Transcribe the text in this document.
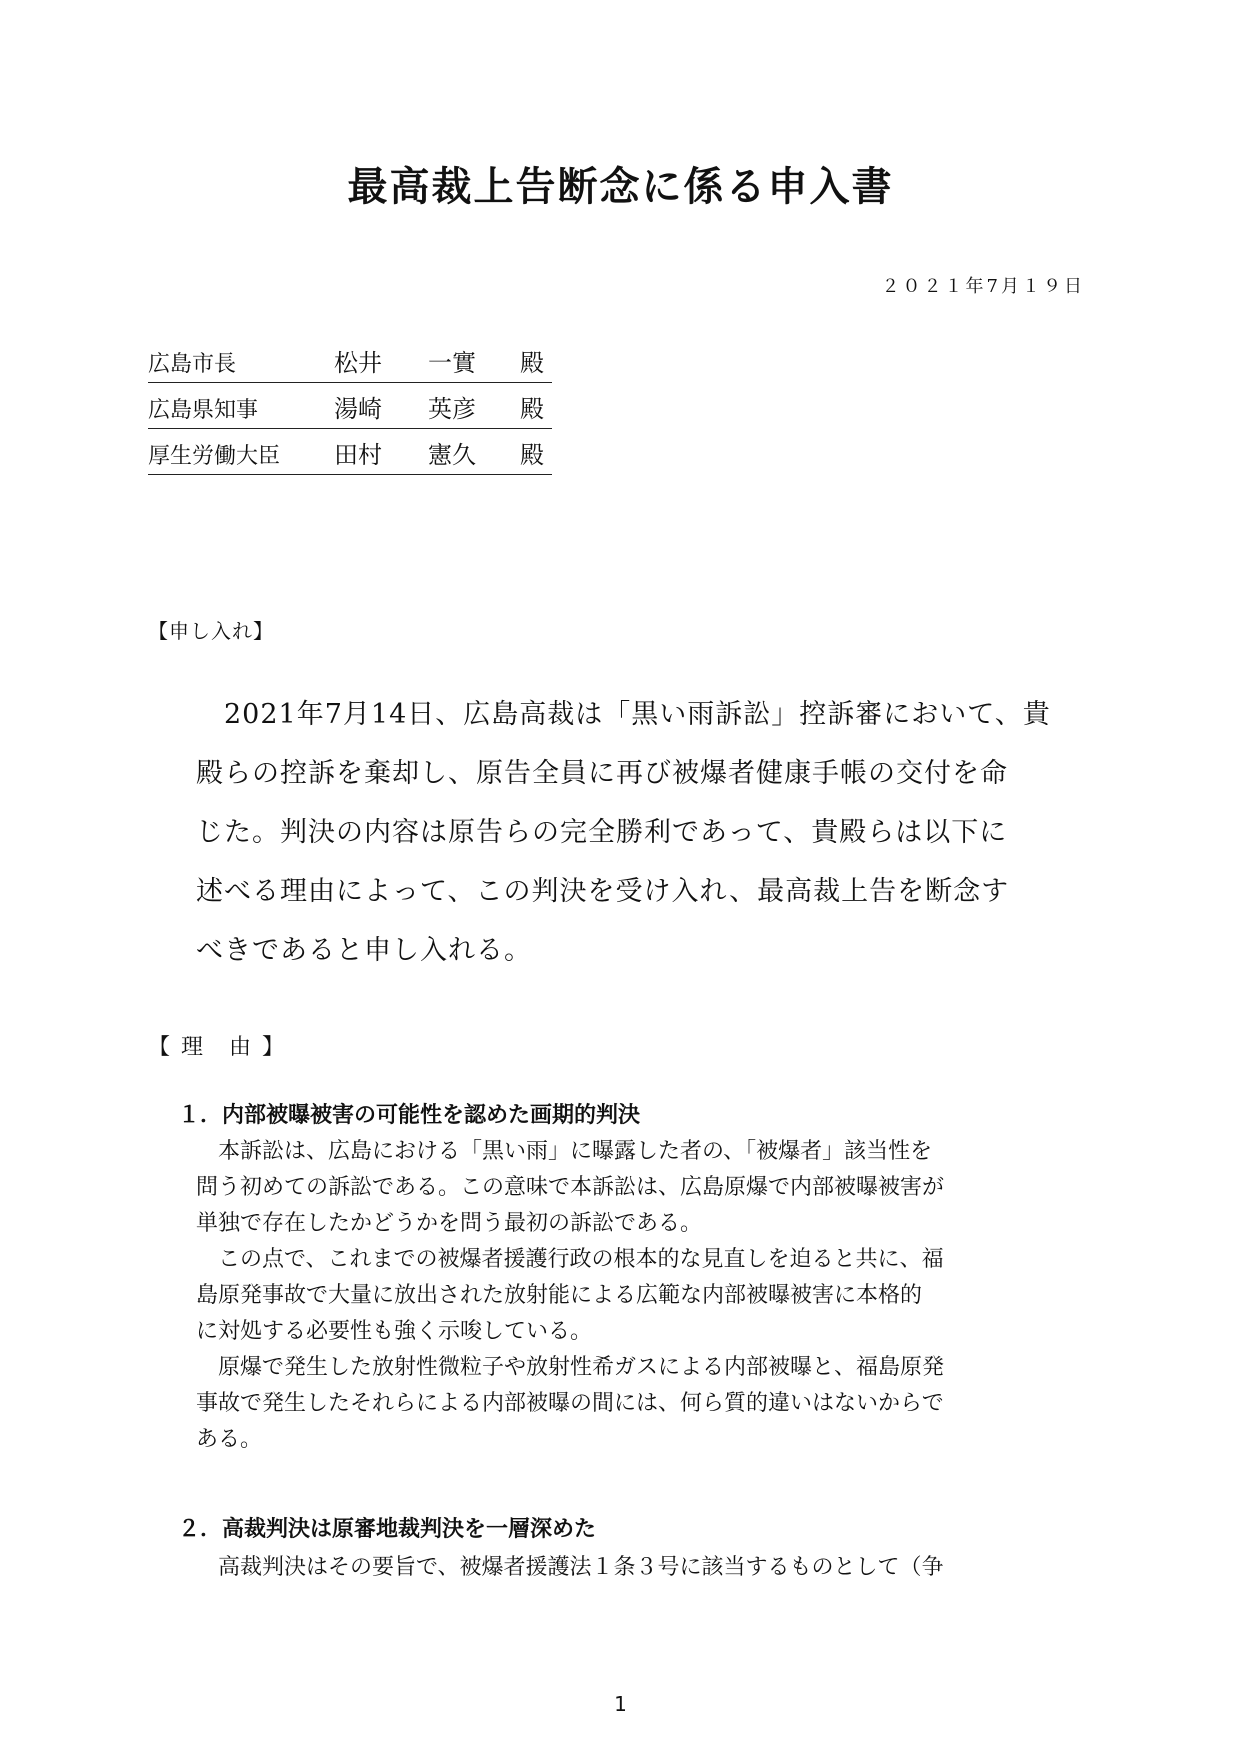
最高裁上告断念に係る申入書
２０２１年7月１９日
広島市長	松井 一實 殿
広島県知事	湯崎 英彦 殿
厚生労働大臣 田村 憲久 殿
【申し入れ】
　2021年7月14日、広島高裁は「黒い雨訴訟」控訴審において、貴
殿らの控訴を棄却し、原告全員に再び被爆者健康手帳の交付を命
じた。判決の内容は原告らの完全勝利であって、貴殿らは以下に
述べる理由によって、この判決を受け入れ、最高裁上告を断念す
べきであると申し入れる。
【 理　由 】
１．内部被曝被害の可能性を認めた画期的判決
　本訴訟は、広島における「黒い雨」に曝露した者の、「被爆者」該当性を
問う初めての訴訟である。この意味で本訴訟は、広島原爆で内部被曝被害が
単独で存在したかどうかを問う最初の訴訟である。
　この点で、これまでの被爆者援護行政の根本的な見直しを迫ると共に、福
島原発事故で大量に放出された放射能による広範な内部被曝被害に本格的
に対処する必要性も強く示唆している。
　原爆で発生した放射性微粒子や放射性希ガスによる内部被曝と、福島原発
事故で発生したそれらによる内部被曝の間には、何ら質的違いはないからで
ある。
２．高裁判決は原審地裁判決を一層深めた
　高裁判決はその要旨で、被爆者援護法１条３号に該当するものとして（争
1
